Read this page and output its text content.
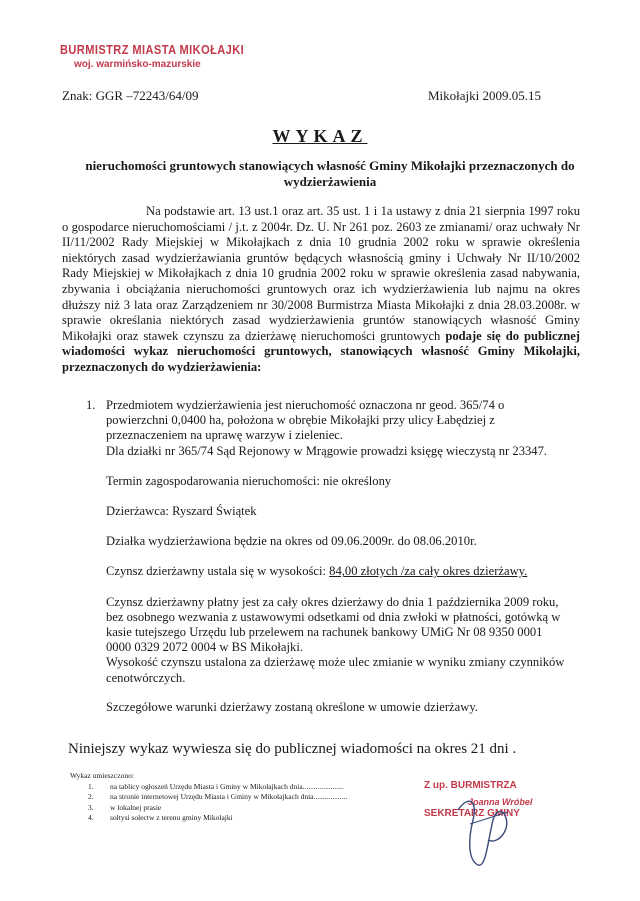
BURMISTRZ MIASTA MIKOŁAJKI
woj. warmińsko-mazurskie
Znak: GGR –72243/64/09	Mikołajki 2009.05.15
WYKAZ
nieruchomości gruntowych stanowiących własność Gminy Mikołajki przeznaczonych do wydzierżawienia
Na podstawie art. 13 ust.1 oraz art. 35 ust. 1 i 1a ustawy z dnia 21 sierpnia 1997 roku o gospodarce nieruchomościami / j.t. z 2004r. Dz. U. Nr 261 poz. 2603 ze zmianami/ oraz uchwały Nr II/11/2002 Rady Miejskiej w Mikołajkach z dnia 10 grudnia 2002 roku w sprawie określenia niektórych zasad wydzierżawiania gruntów będących własnością gminy i Uchwały Nr II/10/2002 Rady Miejskiej w Mikołajkach z dnia 10 grudnia 2002 roku w sprawie określenia zasad nabywania, zbywania i obciążania nieruchomości gruntowych oraz ich wydzierżawienia lub najmu na okres dłuższy niż 3 lata oraz Zarządzeniem nr 30/2008 Burmistrza Miasta Mikołajki z dnia 28.03.2008r. w sprawie określania niektórych zasad wydzierżawienia gruntów stanowiących własność Gminy Mikołajki oraz stawek czynszu za dzierżawę nieruchomości gruntowych podaje się do publicznej wiadomości wykaz nieruchomości gruntowych, stanowiących własność Gminy Mikołajki, przeznaczonych do wydzierżawienia:
1. Przedmiotem wydzierżawienia jest nieruchomość oznaczona nr geod. 365/74 o powierzchni 0,0400 ha, położona w obrębie Mikołajki przy ulicy Łabędziej z przeznaczeniem na uprawę warzyw i zieleniec.

Dla działki nr 365/74 Sąd Rejonowy w Mrągowie prowadzi księgę wieczystą nr 23347.

Termin zagospodarowania nieruchomości: nie określony

Dzierżawca: Ryszard Świątek

Działka wydzierżawiona będzie na okres od 09.06.2009r. do 08.06.2010r.

Czynsz dzierżawny ustala się w wysokości: 84,00 złotych /za cały okres dzierżawy.

Czynsz dzierżawny płatny jest za cały okres dzierżawy do dnia 1 października 2009 roku, bez osobnego wezwania z ustawowymi odsetkami od dnia zwłoki w płatności, gotówką w kasie tutejszego Urzędu lub przelewem na rachunek bankowy UMiG Nr 08 9350 0001 0000 0329 2072 0004 w BS Mikołajki.

Wysokość czynszu ustalona za dzierżawę może ulec zmianie w wyniku zmiany czynników cenotwórczych.

Szczegółowe warunki dzierżawy zostaną określone w umowie dzierżawy.

Niniejszy wykaz wywiesza się do publicznej wiadomości na okres 21 dni .
Wykaz umieszczono:
1. na tablicy ogłoszeń Urzędu Miasta i Gminy w Mikołajkach dnia......................
2. na stronie internetowej Urzędu Miasta i Gminy w Mikołajkach dnia..................
3. w lokalnej prasie
4. sołtysi sołectw z terenu gminy Mikołajki
Z up. BURMISTRZA
Joanna Wróbel
SEKRETARZ GMINY
